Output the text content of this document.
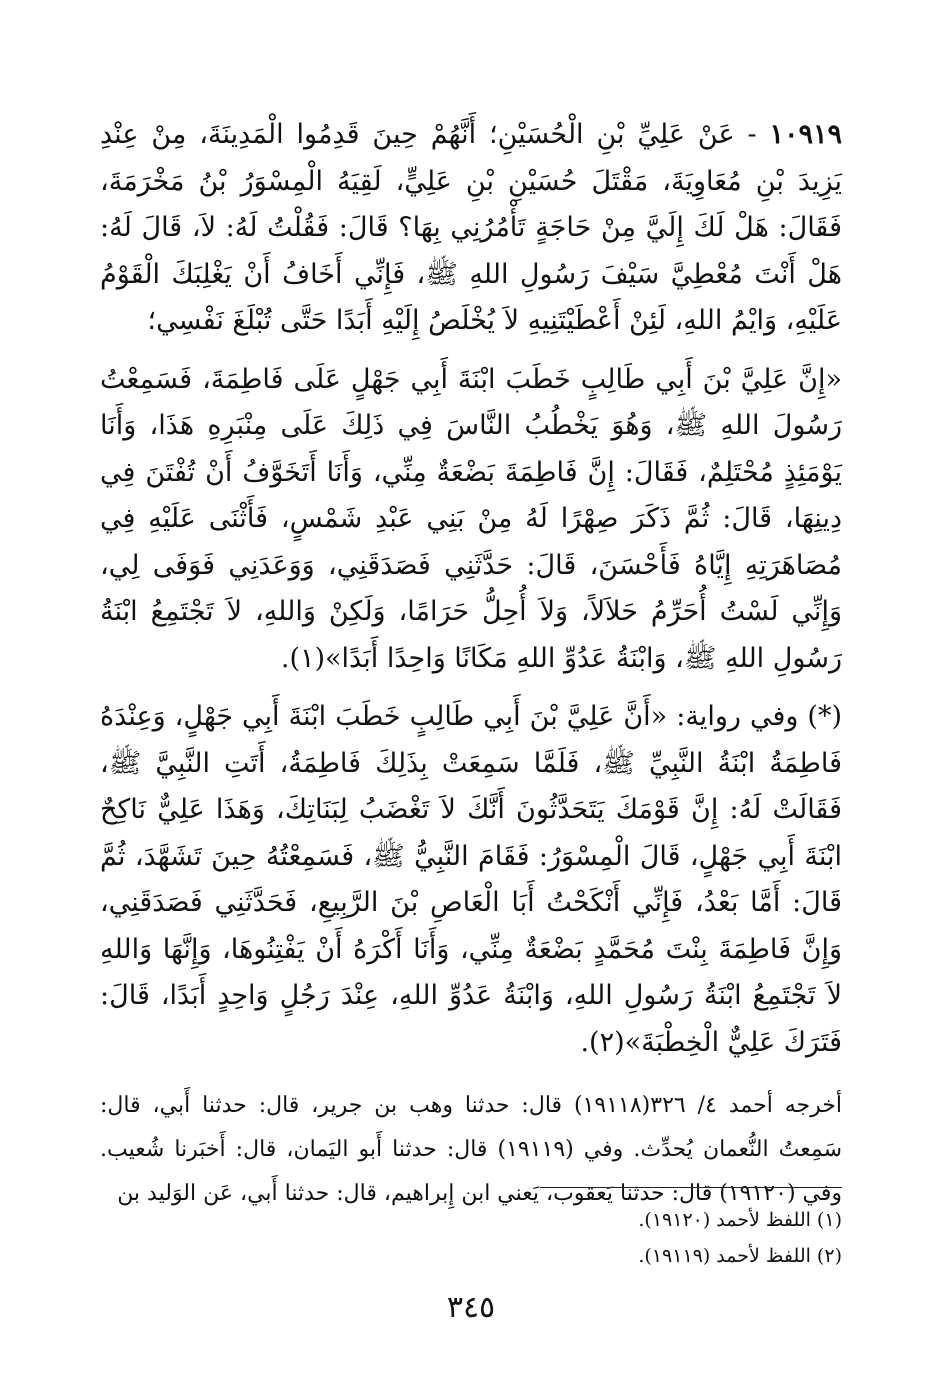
١٠٩١٩ - عَنْ عَلِيِّ بْنِ الْحُسَيْنِ؛ أَنَّهُمْ حِينَ قَدِمُوا الْمَدِينَةَ، مِنْ عِنْدِ يَزِيدَ بْنِ مُعَاوِيَةَ، مَقْتَلَ حُسَيْنِ بْنِ عَلِيٍّ، لَقِيَهُ الْمِسْوَرُ بْنُ مَخْرَمَةَ، فَقَالَ: هَلْ لَكَ إِلَيَّ مِنْ حَاجَةٍ تَأْمُرُنِي بِهَا؟ قَالَ: فَقُلْتُ لَهُ: لاَ، قَالَ لَهُ: هَلْ أَنْتَ مُعْطِيَّ سَيْفَ رَسُولِ اللهِ ﷺ، فَإِنِّي أَخَافُ أَنْ يَغْلِبَكَ الْقَوْمُ عَلَيْهِ، وَايْمُ اللهِ، لَئِنْ أَعْطَيْتَنِيهِ لاَ يُخْلَصُ إِلَيْهِ أَبَدًا حَتَّى تُبْلَغَ نَفْسِي؛

«إِنَّ عَلِيَّ بْنَ أَبِي طَالِبٍ خَطَبَ ابْنَةَ أَبِي جَهْلٍ عَلَى فَاطِمَةَ، فَسَمِعْتُ رَسُولَ اللهِ ﷺ، وَهُوَ يَخْطُبُ النَّاسَ فِي ذَلِكَ عَلَى مِنْبَرِهِ هَذَا، وَأَنَا يَوْمَئِذٍ مُحْتَلِمٌ، فَقَالَ: إِنَّ فَاطِمَةَ بَضْعَةٌ مِنِّي، وَأَنَا أَتَخَوَّفُ أَنْ تُفْتَنَ فِي دِينِهَا، قَالَ: ثُمَّ ذَكَرَ صِهْرًا لَهُ مِنْ بَنِي عَبْدِ شَمْسٍ، فَأَثْنَى عَلَيْهِ فِي مُصَاهَرَتِهِ إِيَّاهُ فَأَحْسَنَ، قَالَ: حَدَّثَنِي فَصَدَقَنِي، وَوَعَدَنِي فَوَفَى لِي، وَإِنِّي لَسْتُ أُحَرِّمُ حَلاَلاً، وَلاَ أُحِلُّ حَرَامًا، وَلَكِنْ وَاللهِ، لاَ تَجْتَمِعُ ابْنَةُ رَسُولِ اللهِ ﷺ، وَابْنَةُ عَدُوِّ اللهِ مَكَانًا وَاحِدًا أَبَدًا»(١).

(*) وفي رواية: «أَنَّ عَلِيَّ بْنَ أَبِي طَالِبٍ خَطَبَ ابْنَةَ أَبِي جَهْلٍ، وَعِنْدَهُ فَاطِمَةُ ابْنَةُ النَّبِيِّ ﷺ، فَلَمَّا سَمِعَتْ بِذَلِكَ فَاطِمَةُ، أَتَتِ النَّبِيَّ ﷺ، فَقَالَتْ لَهُ: إِنَّ قَوْمَكَ يَتَحَدَّثُونَ أَنَّكَ لاَ تَغْضَبُ لِبَنَاتِكَ، وَهَذَا عَلِيٌّ نَاكِحٌ ابْنَةَ أَبِي جَهْلٍ، قَالَ الْمِسْوَرُ: فَقَامَ النَّبِيُّ ﷺ، فَسَمِعْتُهُ حِينَ تَشَهَّدَ، ثُمَّ قَالَ: أَمَّا بَعْدُ، فَإِنِّي أَنْكَحْتُ أَبَا الْعَاصِ بْنَ الرَّبِيعِ، فَحَدَّثَنِي فَصَدَقَنِي، وَإِنَّ فَاطِمَةَ بِنْتَ مُحَمَّدٍ بَضْعَةٌ مِنِّي، وَأَنَا أَكْرَهُ أَنْ يَفْتِنُوهَا، وَإِنَّهَا وَاللهِ لاَ تَجْتَمِعُ ابْنَةُ رَسُولِ اللهِ، وَابْنَةُ عَدُوِّ اللهِ، عِنْدَ رَجُلٍ وَاحِدٍ أَبَدًا، قَالَ: فَتَرَكَ عَلِيٌّ الْخِطْبَةَ»(٢).

أخرجه أحمد ٤/ ٣٢٦(١٩١١٨) قال: حدثنا وهب بن جرير، قال: حدثنا أَبي، قال: سَمِعتُ النُّعمان يُحدِّث. وفي (١٩١١٩) قال: حدثنا أَبو اليَمان، قال: أَخبَرنا شُعيب. وفي (١٩١٢٠) قال: حدثنا يَعقوب، يَعني ابن إِبراهيم، قال: حدثنا أَبي، عَن الوَليد بن

(١) اللفظ لأحمد (١٩١٢٠).
(٢) اللفظ لأحمد (١٩١١٩).
٣٤٥
